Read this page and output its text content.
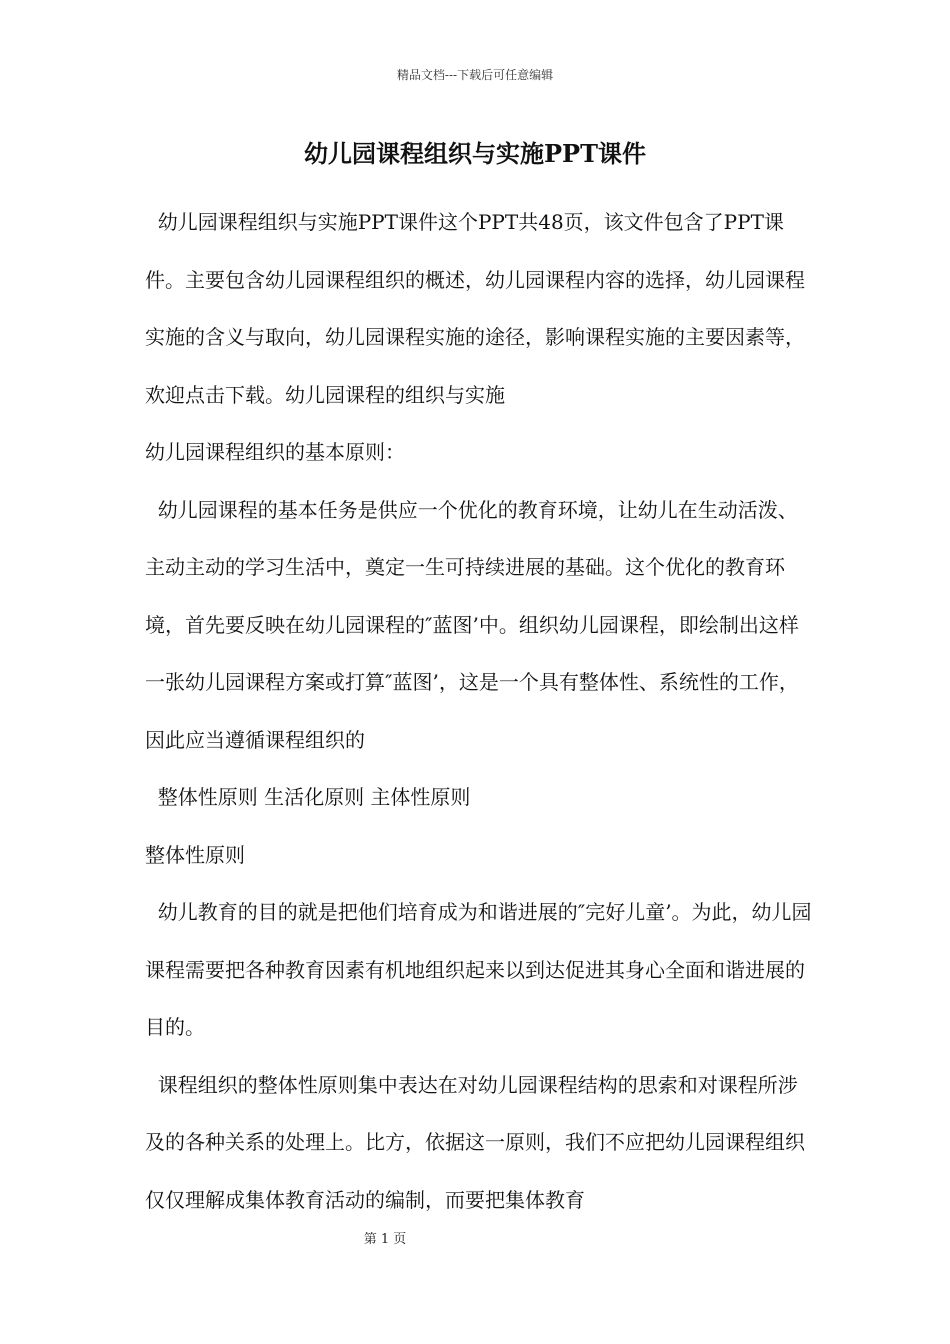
精品文档---下载后可任意编辑
幼儿园课程组织与实施PPT课件

幼儿园课程组织与实施PPT课件这个PPT共48页，该文件包含了PPT课件。主要包含幼儿园课程组织的概述，幼儿园课程内容的选择，幼儿园课程实施的含义与取向，幼儿园课程实施的途径，影响课程实施的主要因素等，欢迎点击下载。幼儿园课程的组织与实施

幼儿园课程组织的基本原则：

幼儿园课程的基本任务是供应一个优化的教育环境，让幼儿在生动活泼、主动主动的学习生活中，奠定一生可持续进展的基础。这个优化的教育环境，首先要反映在幼儿园课程的″蓝图’中。组织幼儿园课程，即绘制出这样一张幼儿园课程方案或打算″蓝图’，这是一个具有整体性、系统性的工作，因此应当遵循课程组织的

整体性原则 生活化原则 主体性原则

整体性原则

幼儿教育的目的就是把他们培育成为和谐进展的″完好儿童’。为此，幼儿园课程需要把各种教育因素有机地组织起来以到达促进其身心全面和谐进展的目的。

课程组织的整体性原则集中表达在对幼儿园课程结构的思索和对课程所涉及的各种关系的处理上。比方，依据这一原则，我们不应把幼儿园课程组织仅仅理解成集体教育活动的编制，而要把集体教育

第 1 页
